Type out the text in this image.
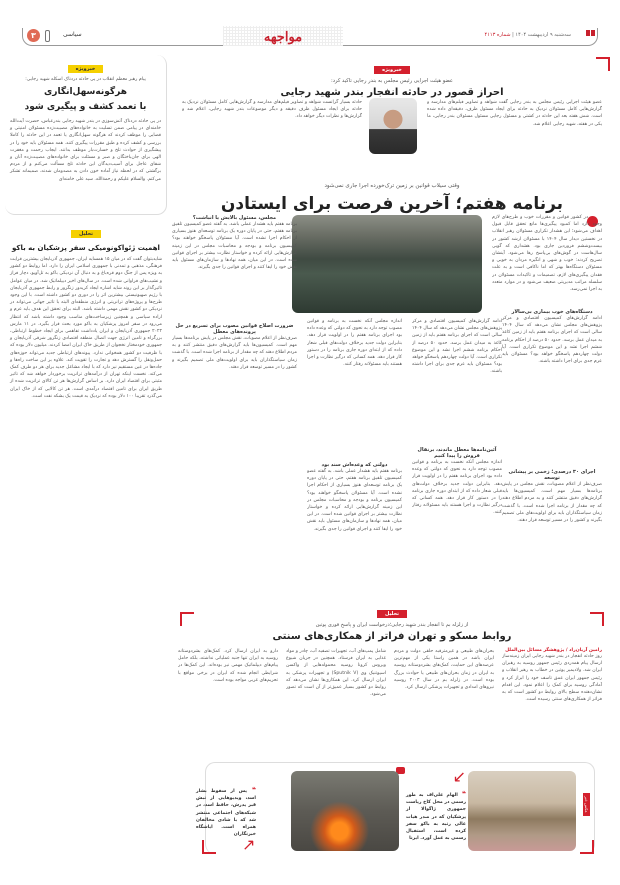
سه‌شنبه ۹ اردیبهشت ۱۴۰۴ | شماره ۴۱۱۳
مواجهه
سیاسی
۳
خبرویژه
عضو هیئت اجرایی رئیس مجلس به بندر رجایی تاکید کرد:
احراز قصور در حادثه انفجار بندر شهید رجایی
عضو هیئت اجرایی رئیس مجلس به بندر رجایی گفت شواهد و تصاویر فیلم‌های مدارسه و گزارش‌هایی کامل مسئولان نزدیک به حادثه برای ایجاد مسئول ظرف، دقیقه‌ای داده شده است. شش هفته بعد این حادثه در کشتی و مسئول رجایی مسئول مسئولان بندر رجایی، ما یکی در هفته، شهید رجایی اعلام شد.
حادثه بسیار گرانست شواهد و تصاویر فیلم‌های مدارسه و گزارش‌هایی کامل مسئولان نزدیک به حادثه برای ایجاد مسئول ظرف دقیقه و دیگر موضوعات بندر شهید رجایی، اعلام شد و گزارش‌ها و نظرات دیگر خواهد داد.
خبرویژه
پیام رهبر معظم انقلاب در پی حادثه دردناک اسکله شهید رجایی:
هرگونه‌سهل‌انگاری
با تعمد کشف و پیگیری شود
در پی حادثه دردناک آتش‌سوزی در بندر شهید رجایی بندرعباس، حضرت آیت‌الله خامنه‌ای در پیامی ضمن تسلیت به خانواده‌های مصیبت‌زده مسئولان امنیتی و قضایی را موظف کردند که هرگونه سهل‌انگاری یا تعمد در این حادثه را کاملا بررسی و کشف کرده و طبق مقررات پیگیری کنند. همه مسئولان باید خود را در پیشگیری از حوادث تلخ و خسارت‌بار موظف بدانند. ایجاب رحمت و مغفرت الهی برای جان‌باختگان و صبر و مسئلت برای خانواده‌های مصیبت‌زده آنان و شفای عاجل برای آسیب‌دیدگان این حادثه تلخ مسألت می‌کنم و از مردم برگشتی که در لحظه نیاز آماده خون دادن به مصدومان شدند، صمیمانه تشکر می‌کنم. والسلام علیکم و رحمةالله. سید علی خامنه‌ای
تحلیل
اهمیت ژئواکونومیکی سفر پزشکیان به باکو
شایدبتوان گفت که در میان ۱۵ همسایه ایران، جمهوری آذربایجان بیشترین قرابت فرهنگی، مذهبی و تمدنی با جمهوری اسلامی ایران را دارد. اما روابط دو کشور به ویژه پس از جنگ دوم قره‌باغ و به دنبال آن نزدیکی باکو به تل‌آویو، دچار فراز و نشیب‌های فراوانی شده است. در سال‌های اخیر دیپلماتیک شد. در میان عوامل تاثیرگذار بر این روند شاید اشاره ایجاد کریدور زنگزور و رابط جمهوری آذربایجان با رژیم صهیونیستی بیشترین اثر را در دوری دو کشور داشته است. با این وجود طرح‌ها و پروژه‌های ترانزیتی و انرژی منطقه‌ای البته با تاثیر جهانی می‌تواند در نزدیکی دو کشور نقش مهمی داشته باشد. البته برای تحقق این هدف باید عزم و اراده سیاسی و همچنین زیرساخت‌های مناسب وجود داشته باشد که انتظار می‌رود در سفر امروز پزشکیان به باکو مورد بحث قرار بگیرد. در ۱۱ مارس ۲۰۲۲ جمهوری آذربایجان و ایران یادداشت تفاهمی برای ایجاد خطوط ارتباطی، بزرگراه و تامین انرژی جهت اتصال منطقه اقتصادی زنگزور شرقی آذربایجان و جمهوری خودمختار نخجوان از طریق خاک ایران امضا کردند. میلیون دلار بوده که با ظرفیت دو کشور همخوانی ندارد. پیوندهای ارتباطی جدید می‌تواند حوزه‌های حمل‌ونقل را گسترش دهد و تجارت را تقویت کند. علاوه بر این ساخت راه‌ها و جاده‌ها در عین مستقیم نیز دارد که با ایجاد مشاغل جدید برای هر دو طرف کمک می‌کند. نخست اینکه تهران از درآمدهای ترانزیت برخوردار خواهد شد که تاثیر مثبتی برای اقتصاد ایران دارد. بر اساس گزارش‌ها هر تن کالای ترانزیت شده از طریق ایران برای تامین اقتصاد درآمدی است. هر تن کالایی که از خاک ایران می‌گذرد تقریبا ۱۰۰ دلار بوده که نزدیک به قیمت یک بشکه نفت است.
وقتی سیلاب قوانین بر زمین ترک‌خورده اجرا جاری نمی‌شود
برنامه هفتم؛ آخرین فرصت برای ایستادن
در کشور قوانین و مقررات خوب و طرح‌های لازم وجود دارد اما کمبود پیگیری‌ها مانع تحقق قابل قبول اهداف می‌شود؛ این هشدار تکراری مسئولان رهبر انقلاب در نخستین دیدار سال ۱۴۰۴ با مسئولان ارشد کشور در بیست‌وششم فروردین جاری بود. هشداری که گویی سال‌هاست در گوش‌های بی‌پاسخ رها می‌شود. آینشان تصریح کردند: خوب و شهی و انگیزه مردان به خوبی و مسئولان دستگاه‌ها بهتر که اما ناکافی است و به علت فقدان پیگیری‌های لازم، تصمیمات و تاکیدات مسئولان در سلسله مراتب مدیریتی ضعیف می‌شود و در موارد متعدد به اجرا نمی‌رسد.
مجلس، مسئول بالایش یا انباشت؟
برنامه هفتم باید هشدار عملی باشد. به گفته عضو کمیسیون تلفیق برنامه هفتم، حتی در پایان دوره یک برنامه توسعه‌ای هنوز بسیاری از احکام اجرا نشده است. آیا مسئولان پاسخگو خواهند بود؟ کمیسیون برنامه و بودجه و محاسبات مجلس در این زمینه گزارش‌هایی ارائه کرده و خواستار نظارت بیشتر بر اجرای قوانین شده است. در این میان، همه نهادها و سازمان‌های مسئول باید نقش خود را ایفا کنند و اجرای قوانین را جدی بگیرند.
ضرورت اصلاح قوانین مصوب برای تسریع در حل پرونده‌های معطل
صرف‌نظر از اعلام مصوبات، نقش مجلس در پایش برنامه‌ها بسیار مهم است. کمیسیون‌ها باید گزارش‌های دقیق منتشر کنند و به مردم اطلاع دهند که چه مقدار از برنامه اجرا شده است. با گذشت زمان سیاستگذاران باید برای اولویت‌های ملی تصمیم بگیرند و کشور را در مسیر توسعه قرار دهند.
اندازه مجلس آنکه نخست به برنامه و قوانین مصوب توجه دارد به نحوی که دولتی که وعده داده بود اجرای برنامه هفتم را در اولویت قرار دهد. بنابراین دولت جدید برخلاف دولت‌های قبلی شعار داده که از ابتدای دوره جاری برنامه را در دستور کار قرار دهد. همه کسانی که درگیر نظارت و اجرا هستند باید مسئولانه رفتار کنند.
دولتی که وعده‌اش سند بود
برنامه هفتم باید هشدار عملی باشد. به گفته عضو کمیسیون تلفیق برنامه هفتم، حتی در پایان دوره یک برنامه توسعه‌ای هنوز بسیاری از احکام اجرا نشده است. آیا مسئولان پاسخگو خواهند بود؟ کمیسیون برنامه و بودجه و محاسبات مجلس در این زمینه گزارش‌هایی ارائه کرده و خواستار نظارت بیشتر بر اجرای قوانین شده است. در این میان، همه نهادها و سازمان‌های مسئول باید نقش خود را ایفا کنند و اجرای قوانین را جدی بگیرند.
ادامه گزارش‌های کمیسیون اقتصادی و مرکز پژوهش‌های مجلس نشان می‌دهد که سال ۱۴۰۴ سالی است که اجرای برنامه هفتم باید از زمین کاغذ به میدان عمل برسد. حدود ۵۰ درصد از احکام برنامه ششم اجرا نشد و این موضوع تکراری است. آیا دولت چهاردهم پاسخگو خواهد بود؟ مسئولان باید عزم جدی برای اجرا داشته باشند.
آئین‌نامه‌ها معطل ماندند، برنقال فروش را پیدا کنیم
اندازه مجلس آنکه نخست به برنامه و قوانین مصوب توجه دارد به نحوی که دولتی که وعده داده بود اجرای برنامه هفتم را در اولویت قرار دهد. بنابراین دولت جدید برخلاف دولت‌های قبلی شعار داده که از ابتدای دوره جاری برنامه را در دستور کار قرار دهد. همه کسانی که درگیر نظارت و اجرا هستند باید مسئولانه رفتار کنند.
دستگاه‌های خوب بیماری بی‌سالار
ادامه گزارش‌های کمیسیون اقتصادی و مرکز پژوهش‌های مجلس نشان می‌دهد که سال ۱۴۰۴ سالی است که اجرای برنامه هفتم باید از زمین کاغذ به میدان عمل برسد. حدود ۵۰ درصد از احکام برنامه ششم اجرا نشد و این موضوع تکراری است. آیا دولت چهاردهم پاسخگو خواهد بود؟ مسئولان باید عزم جدی برای اجرا داشته باشند.
اجرای ۳۰ درصدی؛ زخمی بر پیشانی توسعه
صرف‌نظر از اعلام مصوبات، نقش مجلس در پایش برنامه‌ها بسیار مهم است. کمیسیون‌ها باید گزارش‌های دقیق منتشر کنند و به مردم اطلاع دهند که چه مقدار از برنامه اجرا شده است. با گذشت زمان سیاستگذاران باید برای اولویت‌های ملی تصمیم بگیرند و کشور را در مسیر توسعه قرار دهند.
تحلیل
از زلزله بم تا انفجار بندر شهید رجایی؛درخواست ایران و پاسخ فوری پوتین
روابط مسکو و تهران فراتر از همکاری‌های سنتی
رامین آریان‌راد / پژوهشگر مسائل بین‌الملل
روز حادثه انفجار در بندر شهید رجایی ایران زمینه‌ساز ارسال پیام همدردی رئیس جمهور روسیه به رهبران ایران شد. ولادیمیر پوتین در خطاب به رهبر انقلاب و رئیس جمهور ایران عمق تاسف خود را ابراز کرد و آمادگی روسیه برای کمک را اعلام نمود. این اقدام نشان‌دهنده سطح بالای روابط دو کشور است که به فراتر از همکاری‌های سنتی رسیده است.
بحران‌های طبیعی و غیرمترقبه حلقی دولت و مردم ایران باشد در همین راستا یکی از مهم‌ترین عرصه‌های این حمایت، کمک‌های بشردوستانه روسیه به ایران در زمان بحران‌های طبیعی یا حوادث بزرگ بوده است. در زلزله بم در سال ۲۰۰۳ روسیه نیروهای امدادی و تجهیزات پزشکی ارسال کرد.
شامل پمپ‌های آب، تجهیزات تصفیه آب، چادر و مواد غذایی به ایران فرستاد. همچنین در جریان شیوع ویروس کرونا روسیه محموله‌هایی از واکسن اسپوتنیک وی (Sputnik V) و تجهیزات پزشکی به ایران ارسال کرد. این همکاری‌ها نشان می‌دهد که روابط دو کشور بسیار عمیق‌تر از آن است که تصور می‌شود.
دارو به ایران ارسال کرد. کمک‌های بشردوستانه روسیه به ایران تنها جنبه عملیاتی نداشته، بلکه حامل پیام‌های دیپلماتیک مهمی نیز بوده‌اند. این کمک‌ها در شرایطی انجام شده که ایران در برخی مواقع با تحریم‌های غربی مواجه بوده است.
عکس خبر
↙
❝ الهام علی‌اف به طور رسمی در محل کاخ ریاست جمهوری ژاگوالا از پزشکیان که در صدر هیات عالی رتبه به باکو سفر کرده است، استقبال رسمی به عمل آورد. ایرنا
❝ پس از سقوط بشار اسد، ویدیوهایی از تبش قبر پدرش، حافظ اسد، در شبکه‌های اجتماعی منتشر شد که با شادی مخالفان همراه است. ایاشگاه خبرنگاران
↗
